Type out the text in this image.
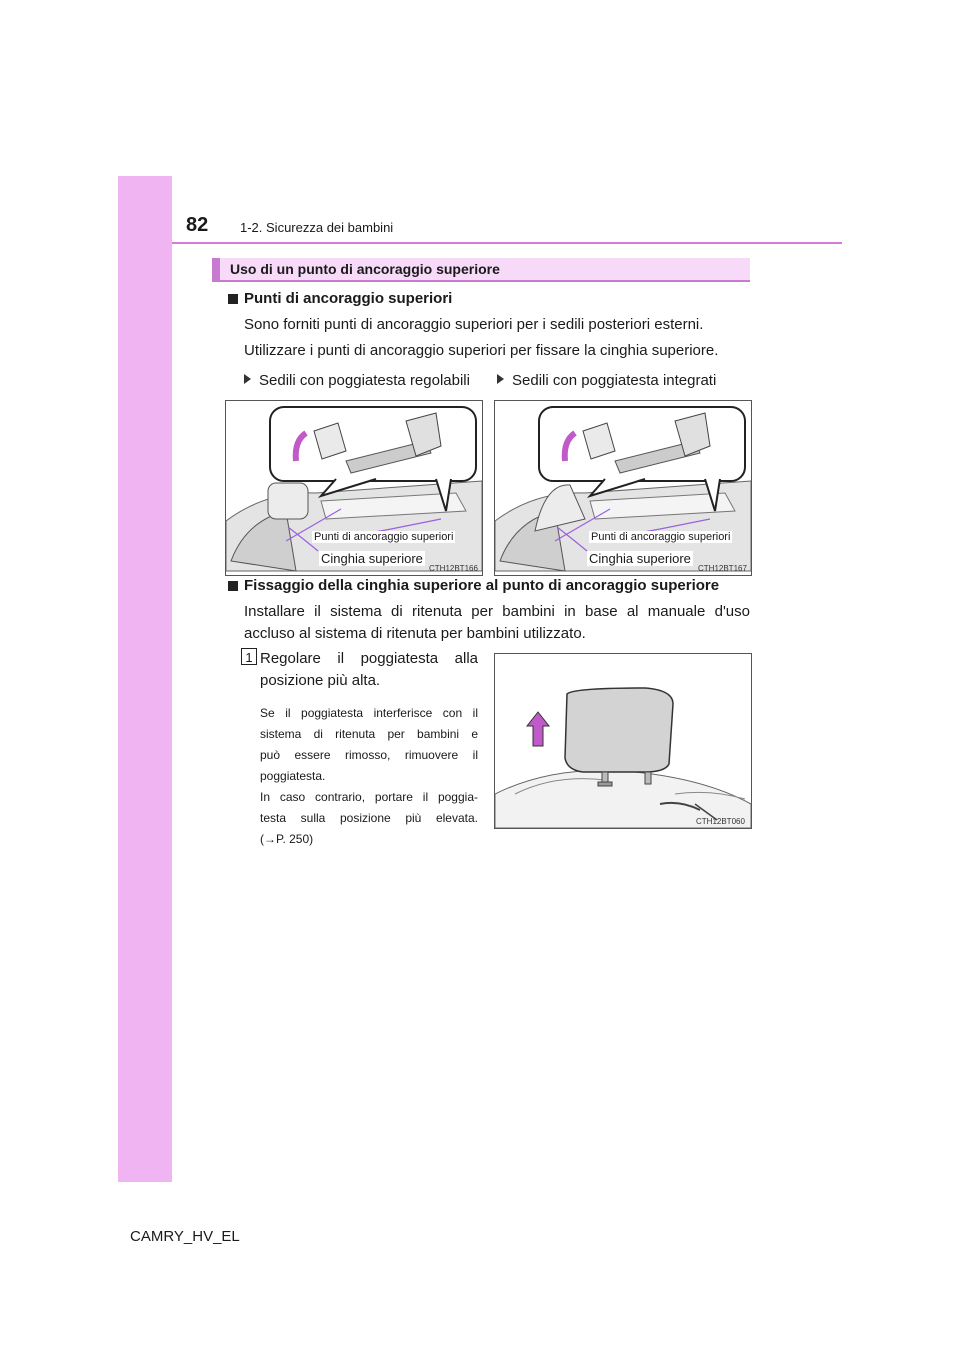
82 1-2. Sicurezza dei bambini
Uso di un punto di ancoraggio superiore
Punti di ancoraggio superiori
Sono forniti punti di ancoraggio superiori per i sedili posteriori esterni.
Utilizzare i punti di ancoraggio superiori per fissare la cinghia superiore.
Sedili con poggiatesta regolabili	Sedili con poggiatesta integrati
Punti di ancoraggio superiori
Cinghia superiore
CTH12BT166
Punti di ancoraggio superiori
Cinghia superiore
CTH12BT167
Fissaggio della cinghia superiore al punto di ancoraggio superiore
Installare il sistema di ritenuta per bambini in base al manuale d'uso
accluso al sistema di ritenuta per bambini utilizzato.
1 Regolare il poggiatesta alla
posizione più alta.
Se il poggiatesta interferisce con il
sistema di ritenuta per bambini e
può essere rimosso, rimuovere il
poggiatesta.
In caso contrario, portare il poggia-
testa sulla posizione più elevata.
(→P. 250)
CTH12BT060
CAMRY_HV_EL
